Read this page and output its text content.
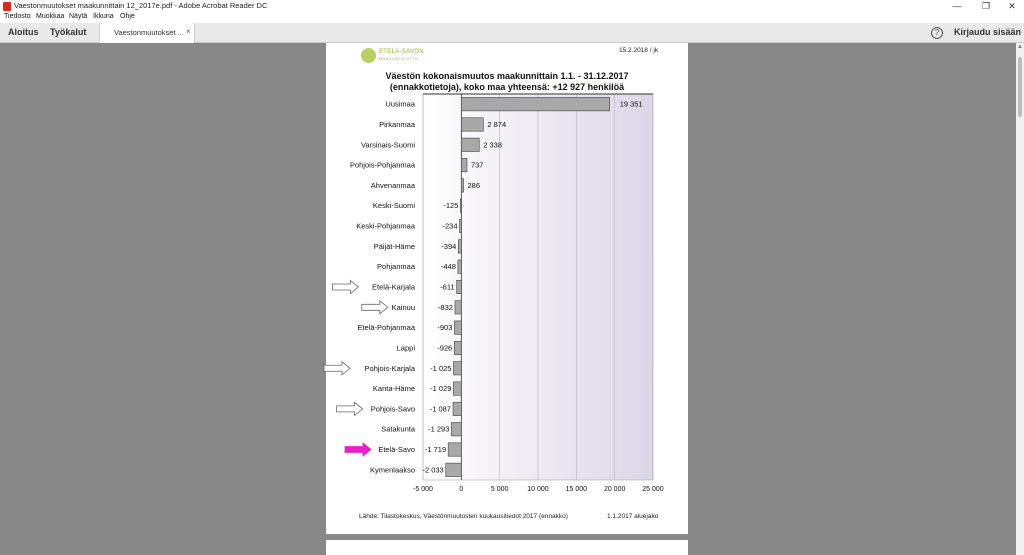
Vaestonmuutokset maakunnittain 12_2017e.pdf - Adobe Acrobat Reader DC	—	❐	✕
Tiedosto Muokkaa Näytä Ikkuna Ohje
Aloitus Työkalut	Vaestonmuutokset ... ×	?	Kirjaudu sisään
▲
ETELÄ-SAVON
MAAKUNTALIITTO
15.2.2018 / jk
Väestön kokonaismuutos maakunnittain 1.1. - 31.12.2017
(ennakkotietoja), koko maa yhteensä: +12 927 henkilöä
-5 000	0	5 000	10 000 15 000 20 000 25 000
Uusimaa	19 351
Pirkanmaa	2 874
Varsinais-Suomi	2 338
Pohjois-Pohjanmaa	737
Ahvenanmaa	286
Keski-Suomi	-125
Keski-Pohjanmaa	-234
Päijät-Häme	-394
Pohjanmaa	-448
Etelä-Karjala	-611
Kainuu	-832
Etelä-Pohjanmaa	-903
Lappi	-926
Pohjois-Karjala -1 025
Kanta-Häme -1 029
Pohjois-Savo -1 087
Satakunta -1 293
Etelä-Savo -1 719
Kymenlaakso -2 033
Lähde: Tilastokeskus, Väestönmuutosten kuukausitiedot 2017 (ennakko)	1.1.2017 aluejako
